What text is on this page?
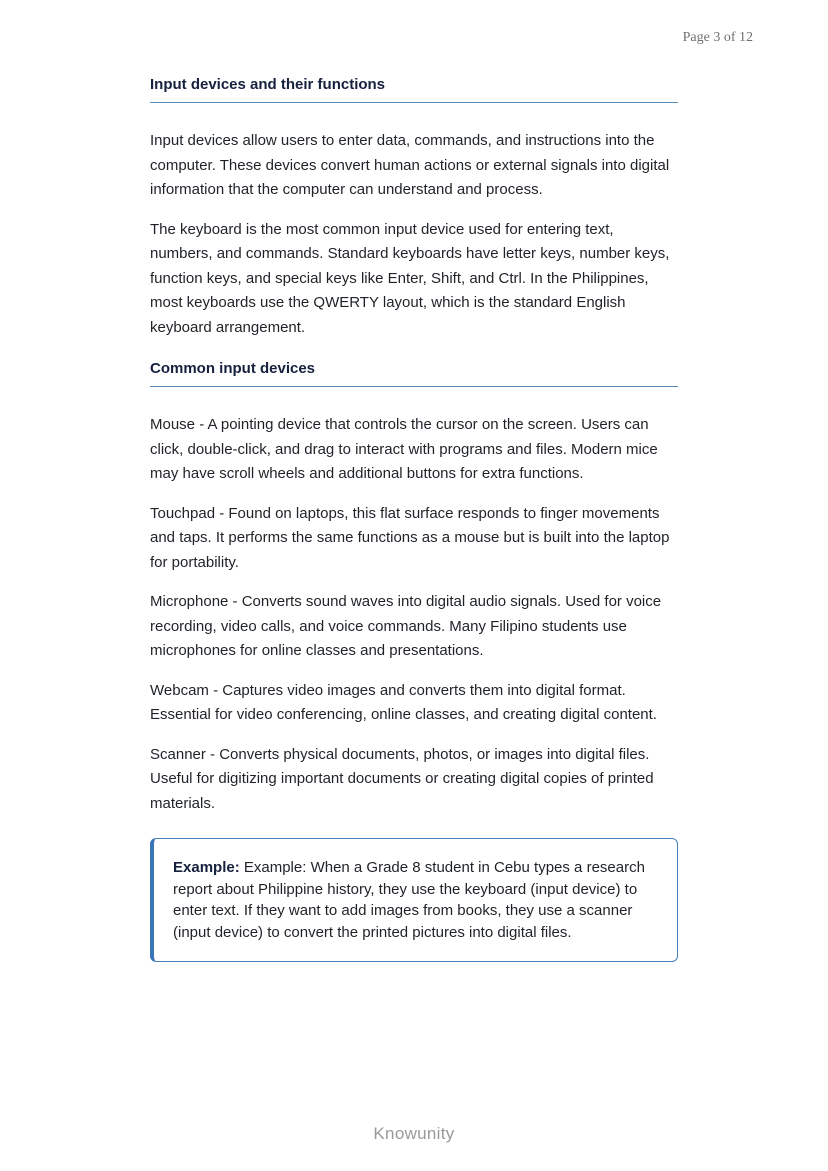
Page 3 of 12
Input devices and their functions

Input devices allow users to enter data, commands, and instructions into the computer. These devices convert human actions or external signals into digital information that the computer can understand and process.

The keyboard is the most common input device used for entering text, numbers, and commands. Standard keyboards have letter keys, number keys, function keys, and special keys like Enter, Shift, and Ctrl. In the Philippines, most keyboards use the QWERTY layout, which is the standard English keyboard arrangement.

Common input devices

Mouse - A pointing device that controls the cursor on the screen. Users can click, double-click, and drag to interact with programs and files. Modern mice may have scroll wheels and additional buttons for extra functions.

Touchpad - Found on laptops, this flat surface responds to finger movements and taps. It performs the same functions as a mouse but is built into the laptop for portability.

Microphone - Converts sound waves into digital audio signals. Used for voice recording, video calls, and voice commands. Many Filipino students use microphones for online classes and presentations.

Webcam - Captures video images and converts them into digital format. Essential for video conferencing, online classes, and creating digital content.

Scanner - Converts physical documents, photos, or images into digital files. Useful for digitizing important documents or creating digital copies of printed materials.

Example: Example: When a Grade 8 student in Cebu types a research report about Philippine history, they use the keyboard (input device) to enter text. If they want to add images from books, they use a scanner (input device) to convert the printed pictures into digital files.
Knowunity
